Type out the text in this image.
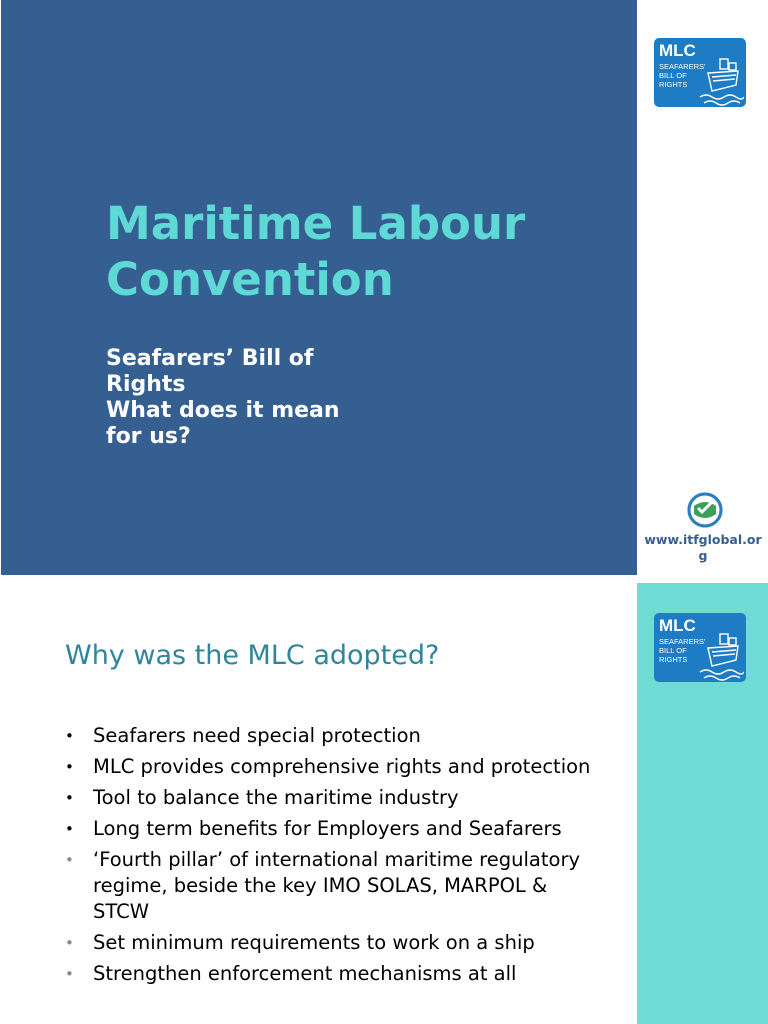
Maritime Labour
Convention
Seafarers’ Bill of
Rights
What does it mean
for us?
MLC
SEAFARERS'
BILL OF
RIGHTS
www.itfglobal.org
MLC
SEAFARERS'
BILL OF
RIGHTS
Why was the MLC adopted?
• Seafarers need special protection
• MLC provides comprehensive rights and protection
• Tool to balance the maritime industry
• Long term benefits for Employers and Seafarers
• ‘Fourth pillar’ of international maritime regulatory regime, beside the key IMO SOLAS, MARPOL & STCW
• Set minimum requirements to work on a ship
• Strengthen enforcement mechanisms at all
